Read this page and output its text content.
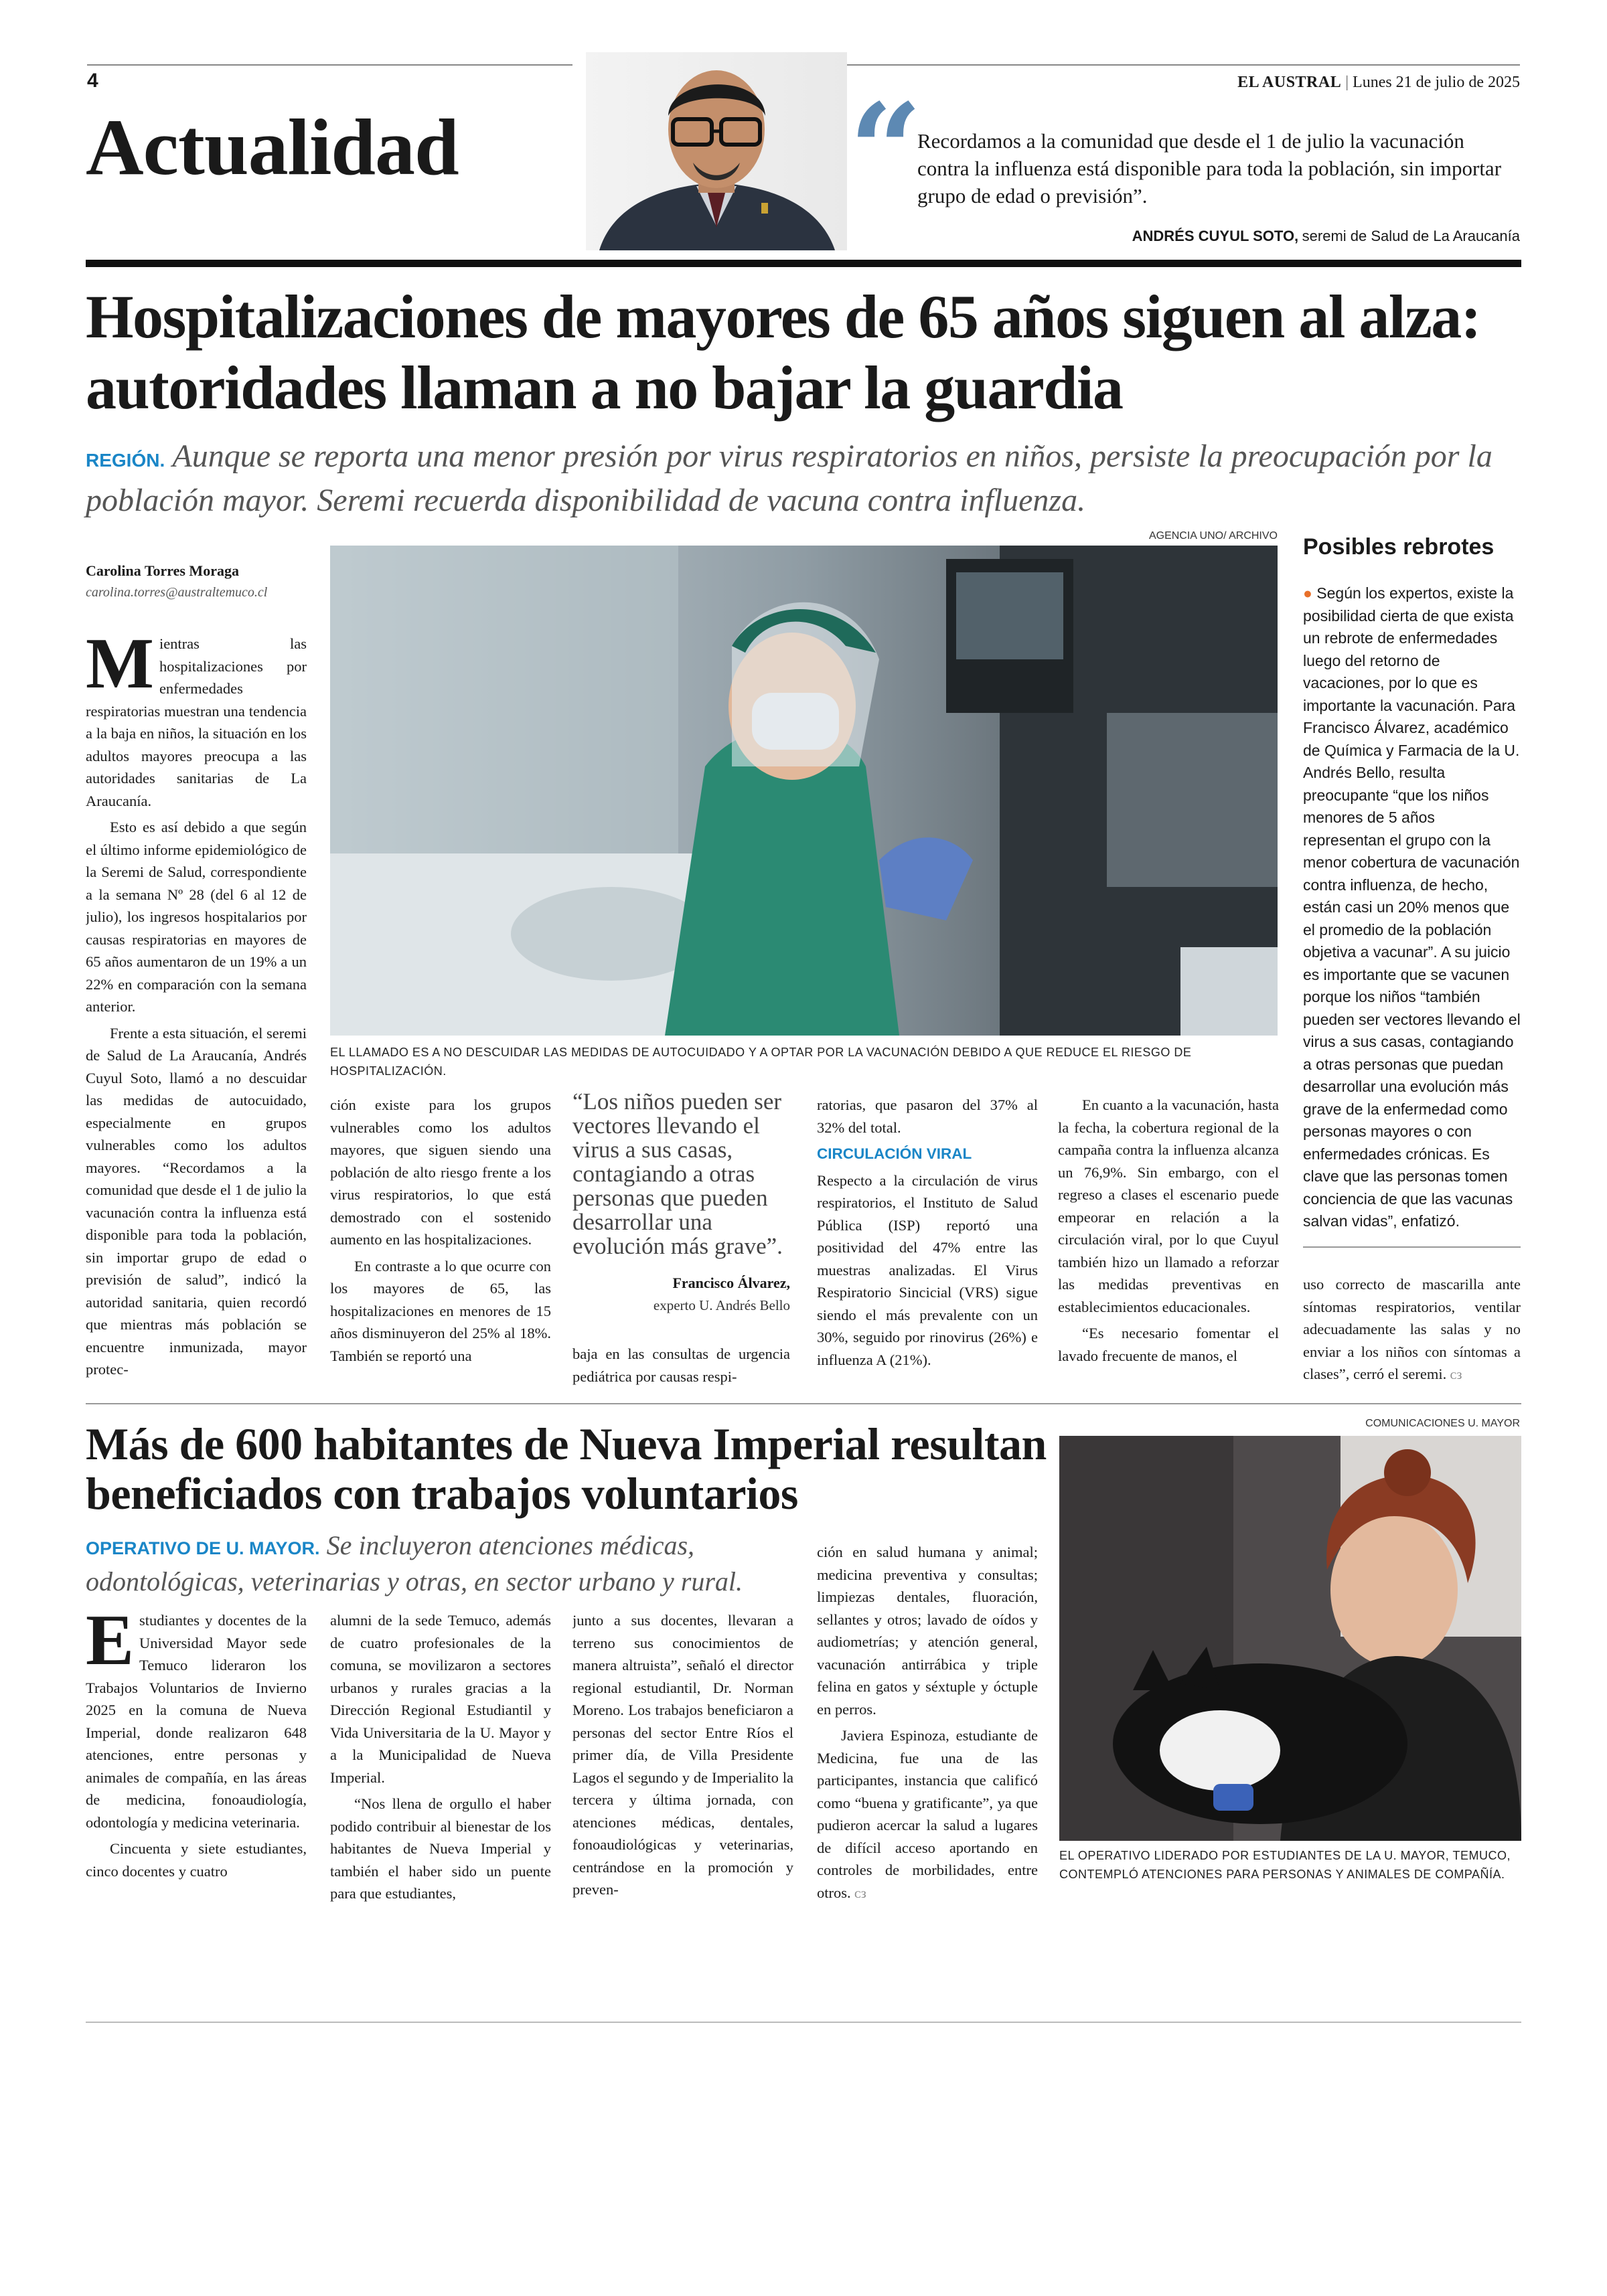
4
Actualidad
EL AUSTRAL | Lunes 21 de julio de 2025
“
Recordamos a la comunidad que desde el 1 de julio la vacunación contra la influenza está disponible para toda la población, sin importar grupo de edad o previsión”.
ANDRÉS CUYUL SOTO, seremi de Salud de La Araucanía
Hospitalizaciones de mayores de 65 años siguen al alza: autoridades llaman a no bajar la guardia
REGIÓN. Aunque se reporta una menor presión por virus respiratorios en niños, persiste la preocupación por la población mayor. Seremi recuerda disponibilidad de vacuna contra influenza.
Carolina Torres Moraga
carolina.torres@australtemuco.cl
AGENCIA UNO/ ARCHIVO
EL LLAMADO ES A NO DESCUIDAR LAS MEDIDAS DE AUTOCUIDADO Y A OPTAR POR LA VACUNACIÓN DEBIDO A QUE REDUCE EL RIESGO DE HOSPITALIZACIÓN.

Mientras las hospitalizaciones por enfermedades respiratorias muestran una tendencia a la baja en niños, la situación en los adultos mayores preocupa a las autoridades sanitarias de La Araucanía.

Esto es así debido a que según el último informe epidemiológico de la Seremi de Salud, correspondiente a la semana Nº 28 (del 6 al 12 de julio), los ingresos hospitalarios por causas respiratorias en mayores de 65 años aumentaron de un 19% a un 22% en comparación con la semana anterior.

Frente a esta situación, el seremi de Salud de La Araucanía, Andrés Cuyul Soto, llamó a no descuidar las medidas de autocuidado, especialmente en grupos vulnerables como los adultos mayores. “Recordamos a la comunidad que desde el 1 de julio la vacunación contra la influenza está disponible para toda la población, sin importar grupo de edad o previsión de salud”, indicó la autoridad sanitaria, quien recordó que mientras más población se encuentre inmunizada, mayor protec-

ción existe para los grupos vulnerables como los adultos mayores, que siguen siendo una población de alto riesgo frente a los virus respiratorios, lo que está demostrado con el sostenido aumento en las hospitalizaciones.

En contraste a lo que ocurre con los mayores de 65, las hospitalizaciones en menores de 15 años disminuyeron del 25% al 18%. También se reportó una

“Los niños pueden ser vectores llevando el virus a sus casas, contagiando a otras personas que pueden desarrollar una evolución más grave”.
Francisco Álvarez,
experto U. Andrés Bello

baja en las consultas de urgencia pediátrica por causas respi-

ratorias, que pasaron del 37% al 32% del total.

CIRCULACIÓN VIRAL

Respecto a la circulación de virus respiratorios, el Instituto de Salud Pública (ISP) reportó una positividad del 47% entre las muestras analizadas. El Virus Respiratorio Sincicial (VRS) sigue siendo el más prevalente con un 30%, seguido por rinovirus (26%) e influenza A (21%).

En cuanto a la vacunación, hasta la fecha, la cobertura regional de la campaña contra la influenza alcanza un 76,9%. Sin embargo, con el regreso a clases el escenario puede empeorar en relación a la circulación viral, por lo que Cuyul también hizo un llamado a reforzar las medidas preventivas en establecimientos educacionales.

“Es necesario fomentar el lavado frecuente de manos, el

Posibles rebrotes

● Según los expertos, existe la posibilidad cierta de que exista un rebrote de enfermedades luego del retorno de vacaciones, por lo que es importante la vacunación. Para Francisco Álvarez, académico de Química y Farmacia de la U. Andrés Bello, resulta preocupante “que los niños menores de 5 años representan el grupo con la menor cobertura de vacunación contra influenza, de hecho, están casi un 20% menos que el promedio de la población objetiva a vacunar”. A su juicio es importante que se vacunen porque los niños “también pueden ser vectores llevando el virus a sus casas, contagiando a otras personas que puedan desarrollar una evolución más grave de la enfermedad como personas mayores o con enfermedades crónicas. Es clave que las personas tomen conciencia de que las vacunas salvan vidas”, enfatizó.

uso correcto de mascarilla ante síntomas respiratorios, ventilar adecuadamente las salas y no enviar a los niños con síntomas a clases”, cerró el seremi. ᴄ‍з

Más de 600 habitantes de Nueva Imperial resultan beneficiados con trabajos voluntarios
OPERATIVO DE U. MAYOR. Se incluyeron atenciones médicas, odontológicas, veterinarias y otras, en sector urbano y rural.

Estudiantes y docentes de la Universidad Mayor sede Temuco lideraron los Trabajos Voluntarios de Invierno 2025 en la comuna de Nueva Imperial, donde realizaron 648 atenciones, entre personas y animales de compañía, en las áreas de medicina, fonoaudiología, odontología y medicina veterinaria.

Cincuenta y siete estudiantes, cinco docentes y cuatro

alumni de la sede Temuco, además de cuatro profesionales de la comuna, se movilizaron a sectores urbanos y rurales gracias a la Dirección Regional Estudiantil y Vida Universitaria de la U. Mayor y a la Municipalidad de Nueva Imperial.

“Nos llena de orgullo el haber podido contribuir al bienestar de los habitantes de Nueva Imperial y también el haber sido un puente para que estudiantes,

junto a sus docentes, llevaran a terreno sus conocimientos de manera altruista”, señaló el director regional estudiantil, Dr. Norman Moreno. Los trabajos beneficiaron a personas del sector Entre Ríos el primer día, de Villa Presidente Lagos el segundo y de Imperialito la tercera y última jornada, con atenciones médicas, dentales, fonoaudiológicas y veterinarias, centrándose en la promoción y preven-

ción en salud humana y animal; medicina preventiva y consultas; limpiezas dentales, fluoración, sellantes y otros; lavado de oídos y audiometrías; y atención general, vacunación antirrábica y triple felina en gatos y séxtuple y óctuple en perros.

Javiera Espinoza, estudiante de Medicina, fue una de las participantes, instancia que calificó como “buena y gratificante”, ya que pudieron acercar la salud a lugares de difícil acceso aportando en controles de morbilidades, entre otros. ᴄ‍з

COMUNICACIONES U. MAYOR
EL OPERATIVO LIDERADO POR ESTUDIANTES DE LA U. MAYOR, TEMUCO, CONTEMPLÓ ATENCIONES PARA PERSONAS Y ANIMALES DE COMPAÑÍA.
